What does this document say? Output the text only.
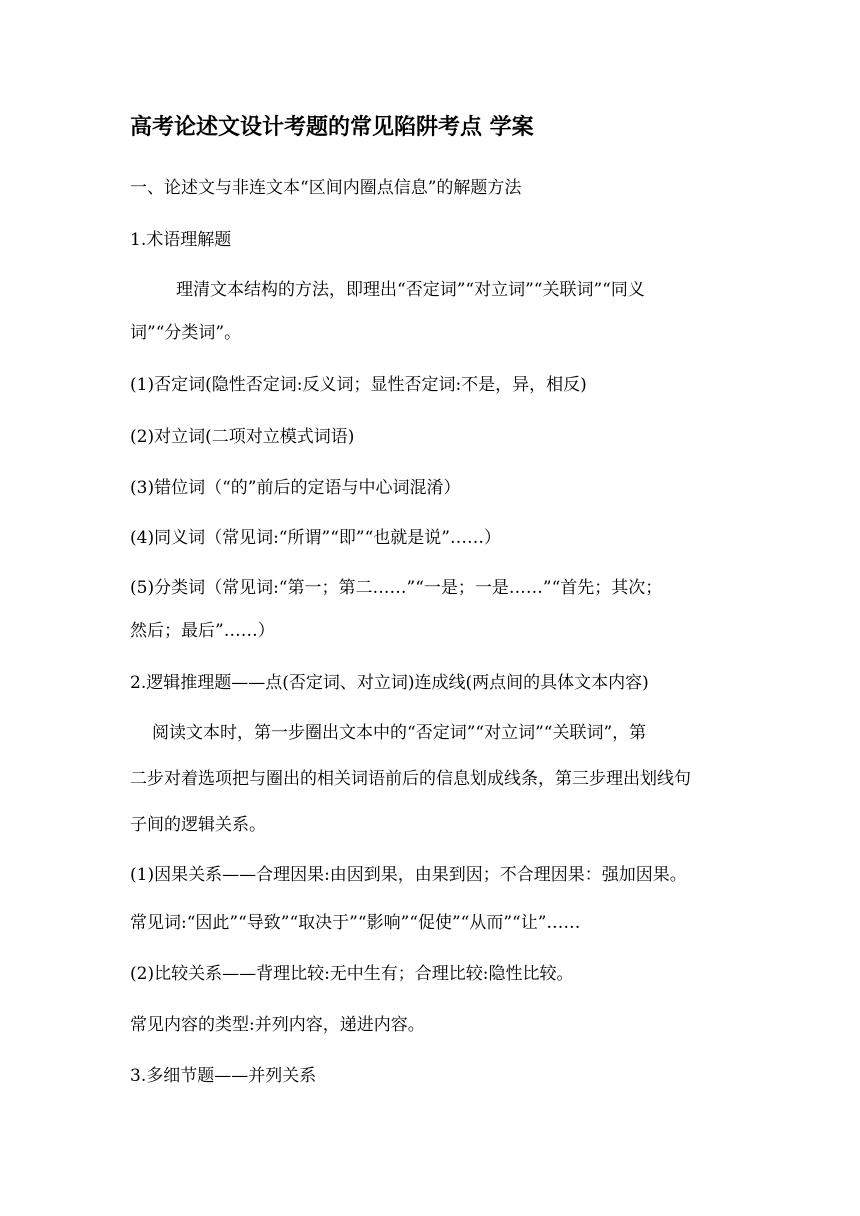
高考论述文设计考题的常见陷阱考点 学案
一、论述文与非连文本“区间内圈点信息”的解题方法
1.术语理解题
理清文本结构的方法，即理出“否定词”“对立词”“关联词”“同义
词”“分类词”。
(1)否定词(隐性否定词:反义词；显性否定词:不是，异，相反)
(2)对立词(二项对立模式词语)
(3)错位词（“的”前后的定语与中心词混淆）
(4)同义词（常见词:“所谓”“即”“也就是说”……）
(5)分类词（常见词:“第一；第二……”“一是；一是……”“首先；其次；
然后；最后”……）
2.逻辑推理题——点(否定词、对立词)连成线(两点间的具体文本内容)
阅读文本时，第一步圈出文本中的“否定词”“对立词”“关联词”，第
二步对着选项把与圈出的相关词语前后的信息划成线条，第三步理出划线句
子间的逻辑关系。
(1)因果关系——合理因果:由因到果，由果到因；不合理因果：强加因果。
常见词:“因此”“导致”“取决于”“影响”“促使”“从而”“让”……
(2)比较关系——背理比较:无中生有；合理比较:隐性比较。
常见内容的类型:并列内容，递进内容。
3.多细节题——并列关系
